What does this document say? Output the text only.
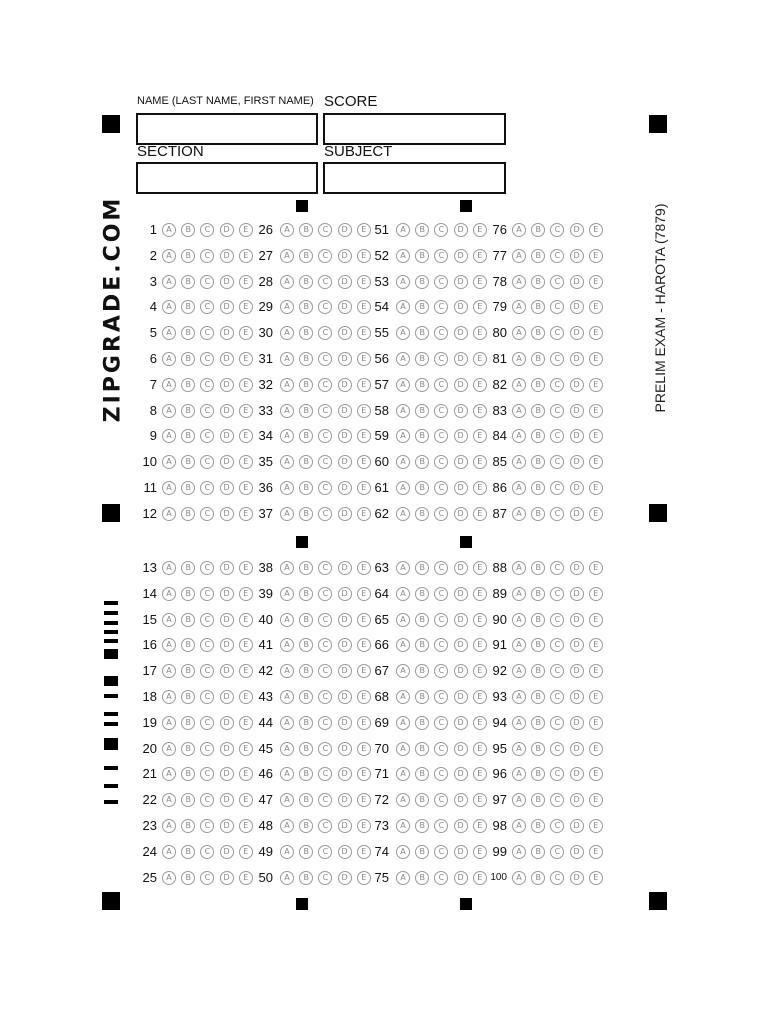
NAME (LAST NAME, FIRST NAME) SCORE
SECTION	SUBJECT
ZIPGRADE.COM	PRELIM EXAM - HAROTA (7879)
1	A	B	C	D	E
2	A	B	C	D	E
3	A	B	C	D	E
4	A	B	C	D	E
5	A	B	C	D	E
6	A	B	C	D	E
7	A	B	C	D	E
8	A	B	C	D	E
9	A	B	C	D	E
10	A	B	C	D	E
11	A	B	C	D	E
12	A	B	C	D	E
13	A	B	C	D	E
14	A	B	C	D	E
15	A	B	C	D	E
16	A	B	C	D	E
17	A	B	C	D	E
18	A	B	C	D	E
19	A	B	C	D	E
20	A	B	C	D	E
21	A	B	C	D	E
22	A	B	C	D	E
23	A	B	C	D	E
24	A	B	C	D	E
25	A	B	C	D	E
26	A	B	C	D	E
27	A	B	C	D	E
28	A	B	C	D	E
29	A	B	C	D	E
30	A	B	C	D	E
31	A	B	C	D	E
32	A	B	C	D	E
33	A	B	C	D	E
34	A	B	C	D	E
35	A	B	C	D	E
36	A	B	C	D	E
37	A	B	C	D	E
38	A	B	C	D	E
39	A	B	C	D	E
40	A	B	C	D	E
41	A	B	C	D	E
42	A	B	C	D	E
43	A	B	C	D	E
44	A	B	C	D	E
45	A	B	C	D	E
46	A	B	C	D	E
47	A	B	C	D	E
48	A	B	C	D	E
49	A	B	C	D	E
50	A	B	C	D	E
51	A	B	C	D	E
52	A	B	C	D	E
53	A	B	C	D	E
54	A	B	C	D	E
55	A	B	C	D	E
56	A	B	C	D	E
57	A	B	C	D	E
58	A	B	C	D	E
59	A	B	C	D	E
60	A	B	C	D	E
61	A	B	C	D	E
62	A	B	C	D	E
63	A	B	C	D	E
64	A	B	C	D	E
65	A	B	C	D	E
66	A	B	C	D	E
67	A	B	C	D	E
68	A	B	C	D	E
69	A	B	C	D	E
70	A	B	C	D	E
71	A	B	C	D	E
72	A	B	C	D	E
73	A	B	C	D	E
74	A	B	C	D	E
75	A	B	C	D	E
76	A	B	C	D	E
77	A	B	C	D	E
78	A	B	C	D	E
79	A	B	C	D	E
80	A	B	C	D	E
81	A	B	C	D	E
82	A	B	C	D	E
83	A	B	C	D	E
84	A	B	C	D	E
85	A	B	C	D	E
86	A	B	C	D	E
87	A	B	C	D	E
88	A	B	C	D	E
89	A	B	C	D	E
90	A	B	C	D	E
91	A	B	C	D	E
92	A	B	C	D	E
93	A	B	C	D	E
94	A	B	C	D	E
95	A	B	C	D	E
96	A	B	C	D	E
97	A	B	C	D	E
98	A	B	C	D	E
99	A	B	C	D	E
100	A	B	C	D	E
